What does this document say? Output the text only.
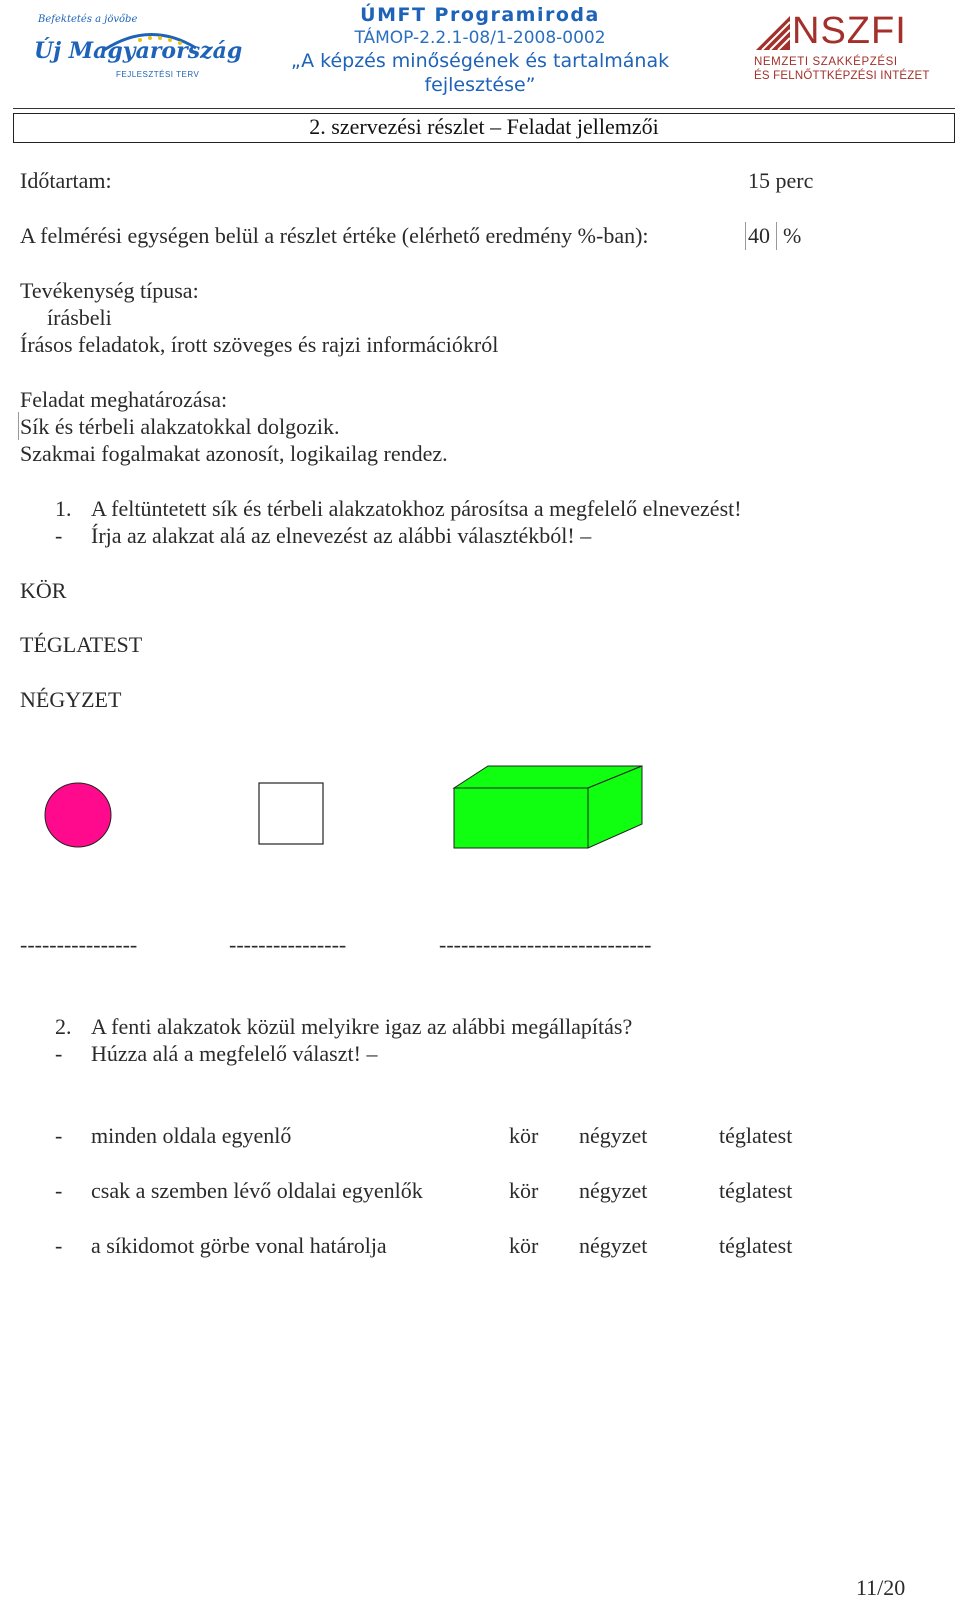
Befektetés a jövőbe
Új Magyarország
FEJLESZTÉSI TERV
ÚMFT Programiroda
TÁMOP-2.2.1-08/1-2008-0002
„A képzés minőségének és tartalmának
fejlesztése”
NSZFI
NEMZETI SZAKKÉPZÉSI
ÉS FELNŐTTKÉPZÉSI INTÉZET
2. szervezési részlet – Feladat jellemzői
Időtartam:	15 perc
A felmérési egységen belül a részlet értéke (elérhető eredmény %-ban):	40 %
Tevékenység típusa:
írásbeli
Írásos feladatok, írott szöveges és rajzi információkról
Feladat meghatározása:
Sík és térbeli alakzatokkal dolgozik.
Szakmai fogalmakat azonosít, logikailag rendez.
1. A feltüntetett sík és térbeli alakzatokhoz párosítsa a megfelelő elnevezést!
- Írja az alakzat alá az elnevezést az alábbi választékból! –
KÖR
TÉGLATEST
NÉGYZET
----------------	----------------	-----------------------------
2. A fenti alakzatok közül melyikre igaz az alábbi megállapítás?
- Húzza alá a megfelelő választ! –
- minden oldala egyenlő	kör négyzet	téglatest
- csak a szemben lévő oldalai egyenlők	kör négyzet	téglatest
- a síkidomot görbe vonal határolja	kör négyzet	téglatest
11/20
